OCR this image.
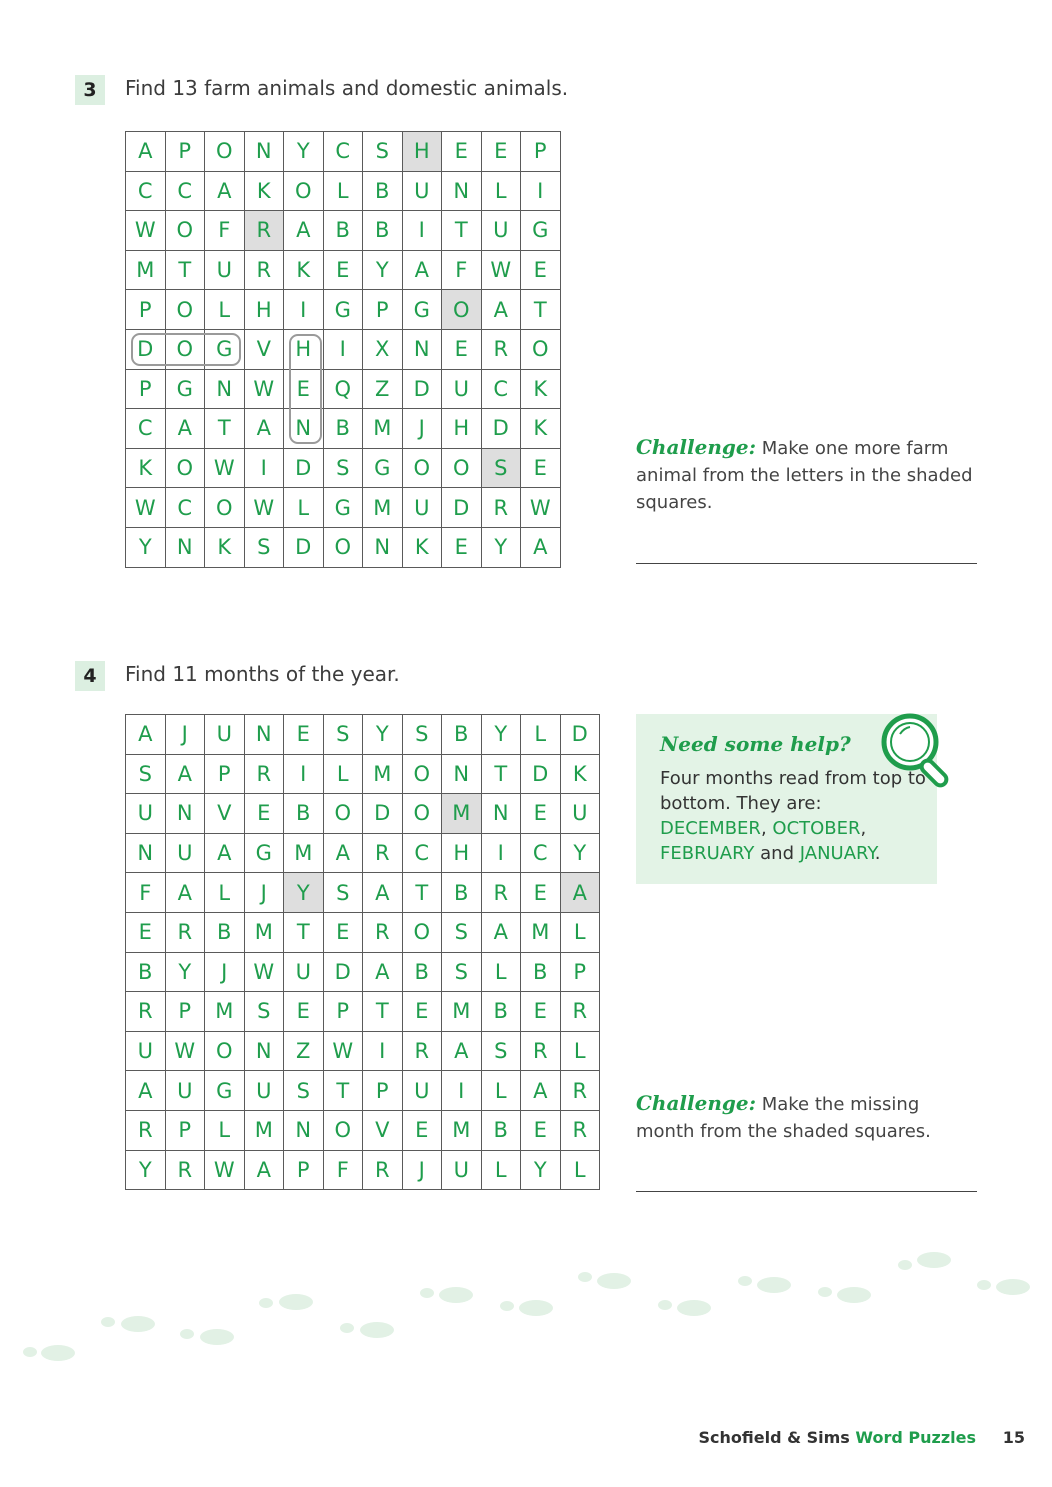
3	Find 13 farm animals and domestic animals.
A	P	O	N	Y	C	S	H	E	E	P
C	C	A	K	O	L	B	U	N	L	I
W	O	F	R	A	B	B	I	T	U	G
M	T	U	R	K	E	Y	A	F	W	E
P	O	L	H	I	G	P	G	O	A	T
D	O	G	V	H	I	X	N	E	R	O
P	G	N	W	E	Q	Z	D	U	C	K
C	A	T	A	N	B	M	J	H	D	K
K	O	W	I	D	S	G	O	O	S	E
W	C	O	W	L	G	M	U	D	R	W
Y	N	K	S	D	O	N	K	E	Y	A
Challenge: Make one more farm animal from the letters in the shaded squares.
4	Find 11 months of the year.
A	J	U	N	E	S	Y	S	B	Y	L	D
S	A	P	R	I	L	M	O	N	T	D	K
U	N	V	E	B	O	D	O	M	N	E	U
N	U	A	G	M	A	R	C	H	I	C	Y
F	A	L	J	Y	S	A	T	B	R	E	A
E	R	B	M	T	E	R	O	S	A	M	L
B	Y	J	W	U	D	A	B	S	L	B	P
R	P	M	S	E	P	T	E	M	B	E	R
U	W	O	N	Z	W	I	R	A	S	R	L
A	U	G	U	S	T	P	U	I	L	A	R
R	P	L	M	N	O	V	E	M	B	E	R
Y	R	W	A	P	F	R	J	U	L	Y	L
Need some help?
Four months read from top to bottom. They are: DECEMBER, OCTOBER, FEBRUARY and JANUARY.
Challenge: Make the missing month from the shaded squares.
Schofield & Sims Word Puzzles 15
